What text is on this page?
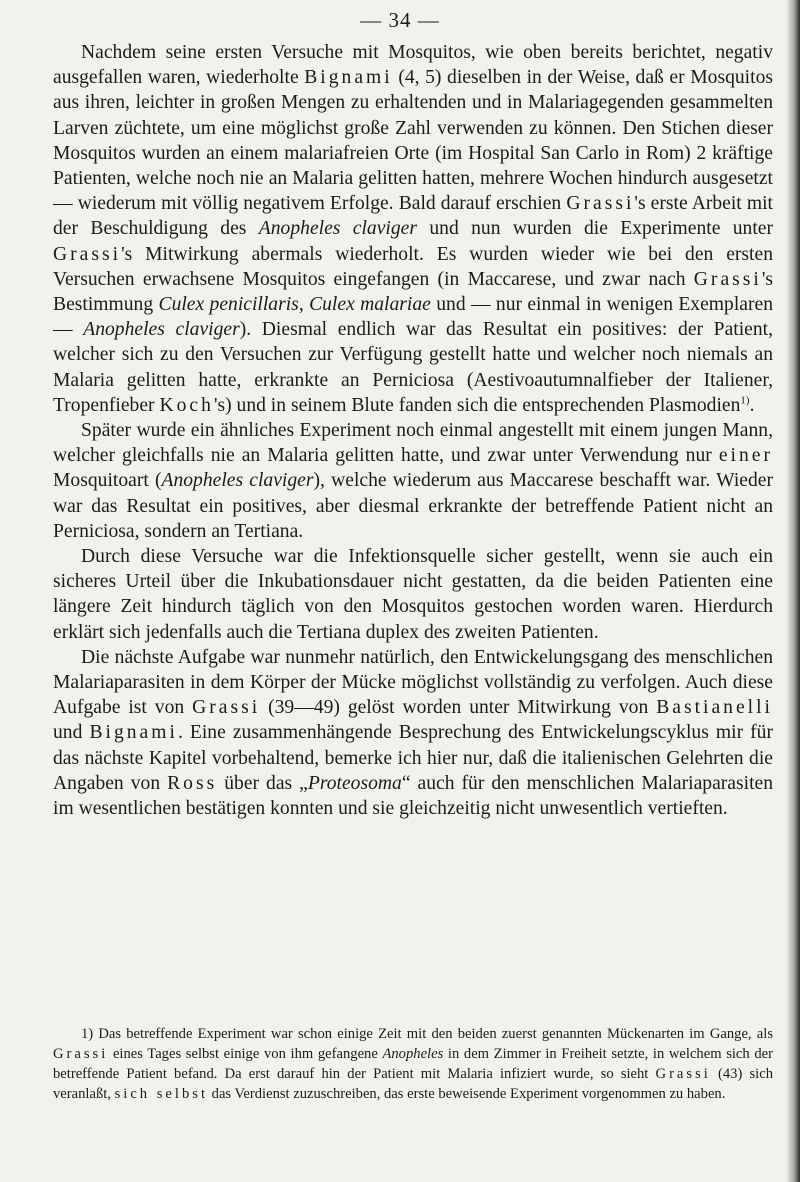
— 34 —

Nachdem seine ersten Versuche mit Mosquitos, wie oben bereits berichtet, negativ ausgefallen waren, wiederholte Bignami (4, 5) dieselben in der Weise, daß er Mosquitos aus ihren, leichter in großen Mengen zu erhaltenden und in Malariagegenden gesammelten Larven züchtete, um eine möglichst große Zahl verwenden zu können. Den Stichen dieser Mosquitos wurden an einem malariafreien Orte (im Hospital San Carlo in Rom) 2 kräftige Patienten, welche noch nie an Malaria gelitten hatten, mehrere Wochen hindurch ausgesetzt — wiederum mit völlig negativem Erfolge. Bald darauf erschien Grassi's erste Arbeit mit der Beschuldigung des Anopheles claviger und nun wurden die Experimente unter Grassi's Mitwirkung abermals wiederholt. Es wurden wieder wie bei den ersten Versuchen erwachsene Mosquitos eingefangen (in Maccarese, und zwar nach Grassi's Bestimmung Culex penicillaris, Culex malariae und — nur einmal in wenigen Exemplaren — Anopheles claviger). Diesmal endlich war das Resultat ein positives: der Patient, welcher sich zu den Versuchen zur Verfügung gestellt hatte und welcher noch niemals an Malaria gelitten hatte, erkrankte an Perniciosa (Aestivoautumnalfieber der Italiener, Tropenfieber Koch's) und in seinem Blute fanden sich die entsprechenden Plasmodien$^{1)}$.

Später wurde ein ähnliches Experiment noch einmal angestellt mit einem jungen Mann, welcher gleichfalls nie an Malaria gelitten hatte, und zwar unter Verwendung nur einer Mosquitoart (Anopheles claviger), welche wiederum aus Maccarese beschafft war. Wieder war das Resultat ein positives, aber diesmal erkrankte der betreffende Patient nicht an Perniciosa, sondern an Tertiana.

Durch diese Versuche war die Infektionsquelle sicher gestellt, wenn sie auch ein sicheres Urteil über die Inkubationsdauer nicht gestatten, da die beiden Patienten eine längere Zeit hindurch täglich von den Mosquitos gestochen worden waren. Hierdurch erklärt sich jedenfalls auch die Tertiana duplex des zweiten Patienten.

Die nächste Aufgabe war nunmehr natürlich, den Entwickelungsgang des menschlichen Malariaparasiten in dem Körper der Mücke möglichst vollständig zu verfolgen. Auch diese Aufgabe ist von Grassi (39—49) gelöst worden unter Mitwirkung von Bastianelli und Bignami. Eine zusammenhängende Besprechung des Entwickelungscyklus mir für das nächste Kapitel vorbehaltend, bemerke ich hier nur, daß die italienischen Gelehrten die Angaben von Ross über das „Proteosoma“ auch für den menschlichen Malariaparasiten im wesentlichen bestätigen konnten und sie gleichzeitig nicht unwesentlich vertieften.

1) Das betreffende Experiment war schon einige Zeit mit den beiden zuerst genannten Mückenarten im Gange, als Grassi eines Tages selbst einige von ihm gefangene Anopheles in dem Zimmer in Freiheit setzte, in welchem sich der betreffende Patient befand. Da erst darauf hin der Patient mit Malaria infiziert wurde, so sieht Grassi (43) sich veranlaßt, sich selbst das Verdienst zuzuschreiben, das erste beweisende Experiment vorgenommen zu haben.
